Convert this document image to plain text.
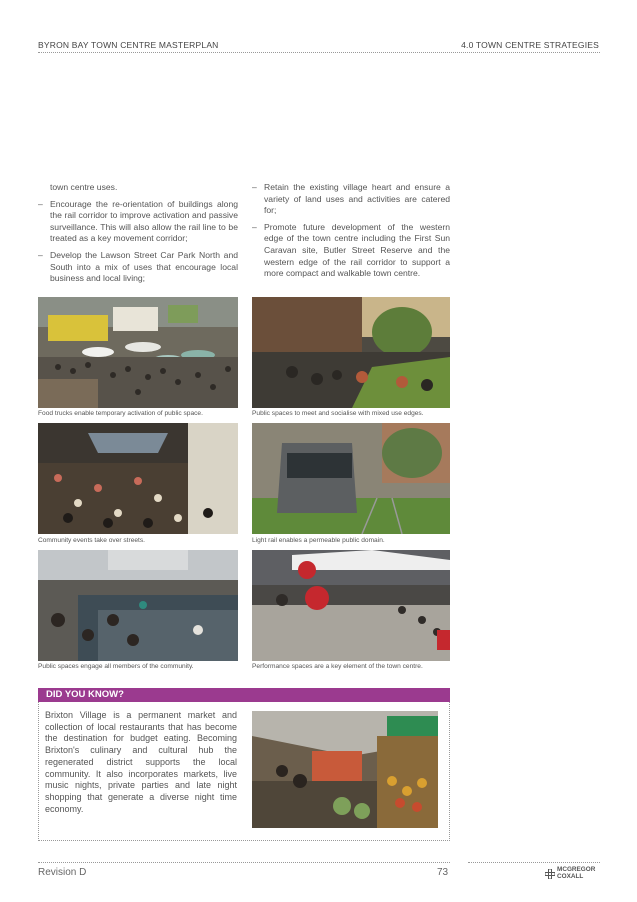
BYRON BAY TOWN CENTRE MASTERPLAN	4.0 TOWN CENTRE STRATEGIES

town centre uses.

– Encourage the re-orientation of buildings along the rail corridor to improve activation and passive surveillance. This will also allow the rail line to be treated as a key movement corridor;

– Develop the Lawson Street Car Park North and South into a mix of uses that encourage local business and local living;

– Retain the existing village heart and ensure a variety of land uses and activities are catered for;

– Promote future development of the western edge of the town centre including the First Sun Caravan site, Butler Street Reserve and the western edge of the rail corridor to support a more compact and walkable town centre.

Food trucks enable temporary activation of public space.	Public spaces to meet and socialise with mixed use edges.
Community events take over streets.	Light rail enables a permeable public domain.
Public spaces engage all members of the community.	Performance spaces are a key element of the town centre.
DID YOU KNOW?
Brixton Village is a permanent market and collection of local restaurants that has become the destination for budget eating. Becoming Brixton's culinary and cultural hub the regenerated district supports the local community. It also incorporates markets, live music nights, private parties and late night shopping that generate a diverse night time economy.
Revision D	73	MCGREGOR
COXALL
